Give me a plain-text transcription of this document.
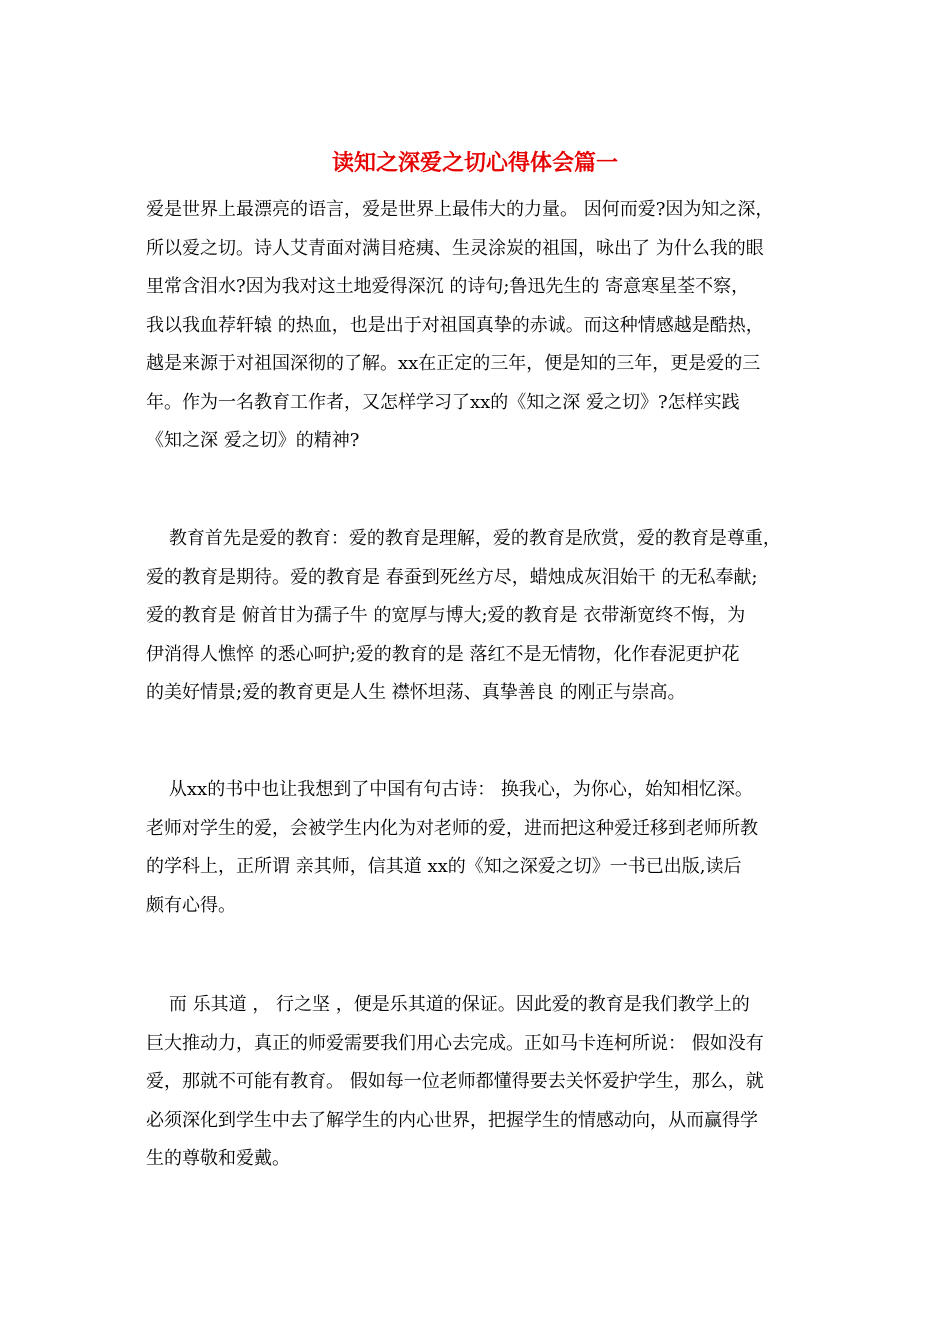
读知之深爱之切心得体会篇一
爱是世界上最漂亮的语言，爱是世界上最伟大的力量。 因何而爱?因为知之深，
所以爱之切。诗人艾青面对满目疮痍、生灵涂炭的祖国，咏出了 为什么我的眼
里常含泪水?因为我对这土地爱得深沉 的诗句;鲁迅先生的 寄意寒星荃不察，
我以我血荐轩辕 的热血，也是出于对祖国真挚的赤诚。而这种情感越是酷热，
越是来源于对祖国深彻的了解。xx在正定的三年，便是知的三年，更是爱的三
年。作为一名教育工作者，又怎样学习了xx的《知之深 爱之切》?怎样实践
《知之深 爱之切》的精神?
教育首先是爱的教育：爱的教育是理解，爱的教育是欣赏，爱的教育是尊重，
爱的教育是期待。爱的教育是 春蚕到死丝方尽，蜡烛成灰泪始干 的无私奉献;
爱的教育是 俯首甘为孺子牛 的宽厚与博大;爱的教育是 衣带渐宽终不悔，为
伊消得人憔悴 的悉心呵护;爱的教育的是 落红不是无情物，化作春泥更护花
的美好情景;爱的教育更是人生 襟怀坦荡、真挚善良 的刚正与崇高。
从xx的书中也让我想到了中国有句古诗： 换我心，为你心，始知相忆深。
老师对学生的爱，会被学生内化为对老师的爱，进而把这种爱迁移到老师所教
的学科上，正所谓 亲其师，信其道 xx的《知之深爱之切》一书已出版,读后
颇有心得。
而 乐其道 ， 行之坚 ，便是乐其道的保证。因此爱的教育是我们教学上的
巨大推动力，真正的师爱需要我们用心去完成。正如马卡连柯所说： 假如没有
爱，那就不可能有教育。 假如每一位老师都懂得要去关怀爱护学生，那么，就
必须深化到学生中去了解学生的内心世界，把握学生的情感动向，从而赢得学
生的尊敬和爱戴。
